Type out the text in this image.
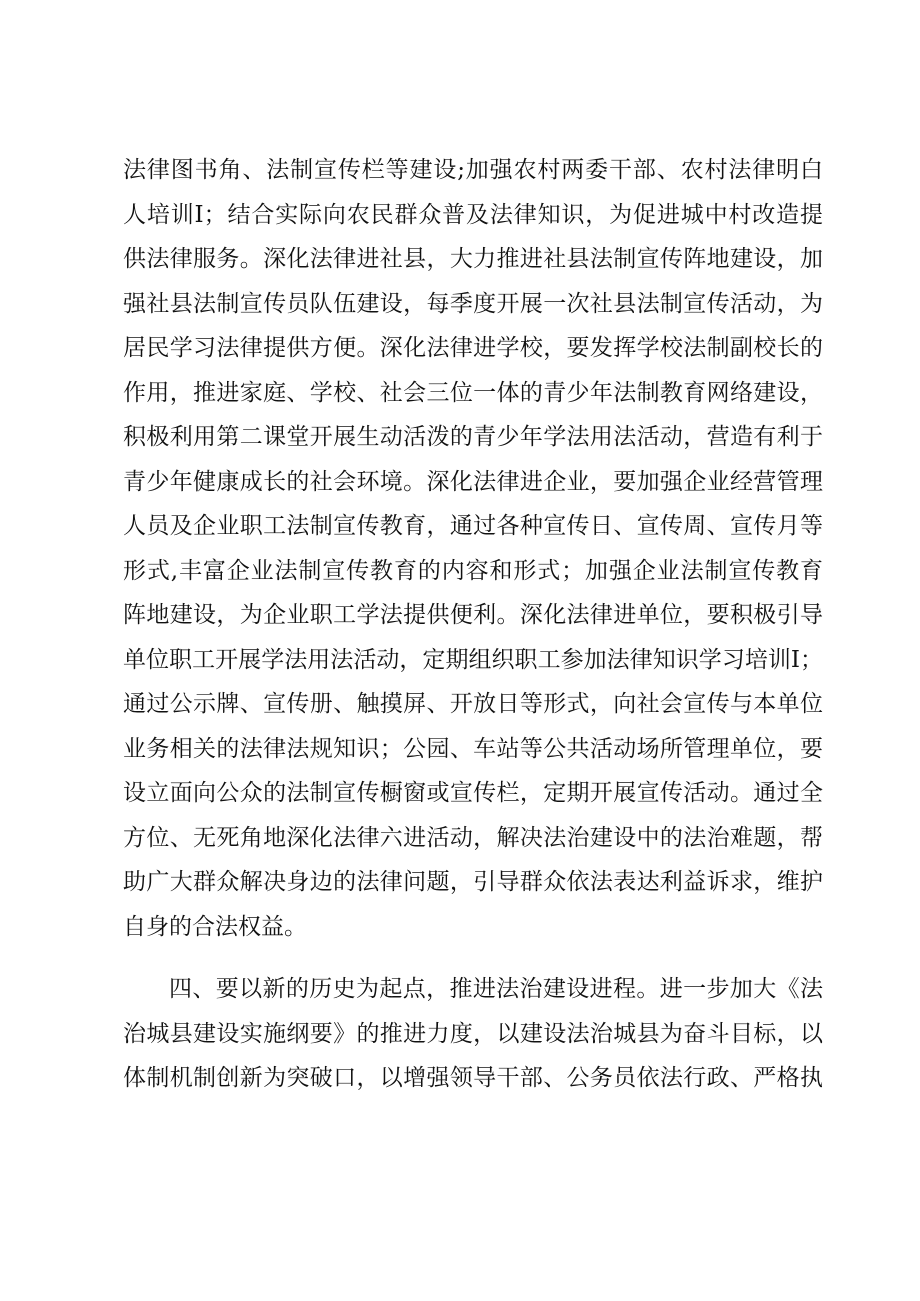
法律图书角、法制宣传栏等建设;加强农村两委干部、农村法律明白
人培训I；结合实际向农民群众普及法律知识，为促进城中村改造提
供法律服务。深化法律进社县，大力推进社县法制宣传阵地建设，加
强社县法制宣传员队伍建设，每季度开展一次社县法制宣传活动，为
居民学习法律提供方便。深化法律进学校，要发挥学校法制副校长的
作用，推进家庭、学校、社会三位一体的青少年法制教育网络建设，
积极利用第二课堂开展生动活泼的青少年学法用法活动，营造有利于
青少年健康成长的社会环境。深化法律进企业，要加强企业经营管理
人员及企业职工法制宣传教育，通过各种宣传日、宣传周、宣传月等
形式,丰富企业法制宣传教育的内容和形式；加强企业法制宣传教育
阵地建设，为企业职工学法提供便利。深化法律进单位，要积极引导
单位职工开展学法用法活动，定期组织职工参加法律知识学习培训I；
通过公示牌、宣传册、触摸屏、开放日等形式，向社会宣传与本单位
业务相关的法律法规知识；公园、车站等公共活动场所管理单位，要
设立面向公众的法制宣传橱窗或宣传栏，定期开展宣传活动。通过全
方位、无死角地深化法律六进活动，解决法治建设中的法治难题，帮
助广大群众解决身边的法律问题，引导群众依法表达利益诉求，维护
自身的合法权益。
四、要以新的历史为起点，推进法治建设进程。进一步加大《法
治城县建设实施纲要》的推进力度，以建设法治城县为奋斗目标，以
体制机制创新为突破口，以增强领导干部、公务员依法行政、严格执
